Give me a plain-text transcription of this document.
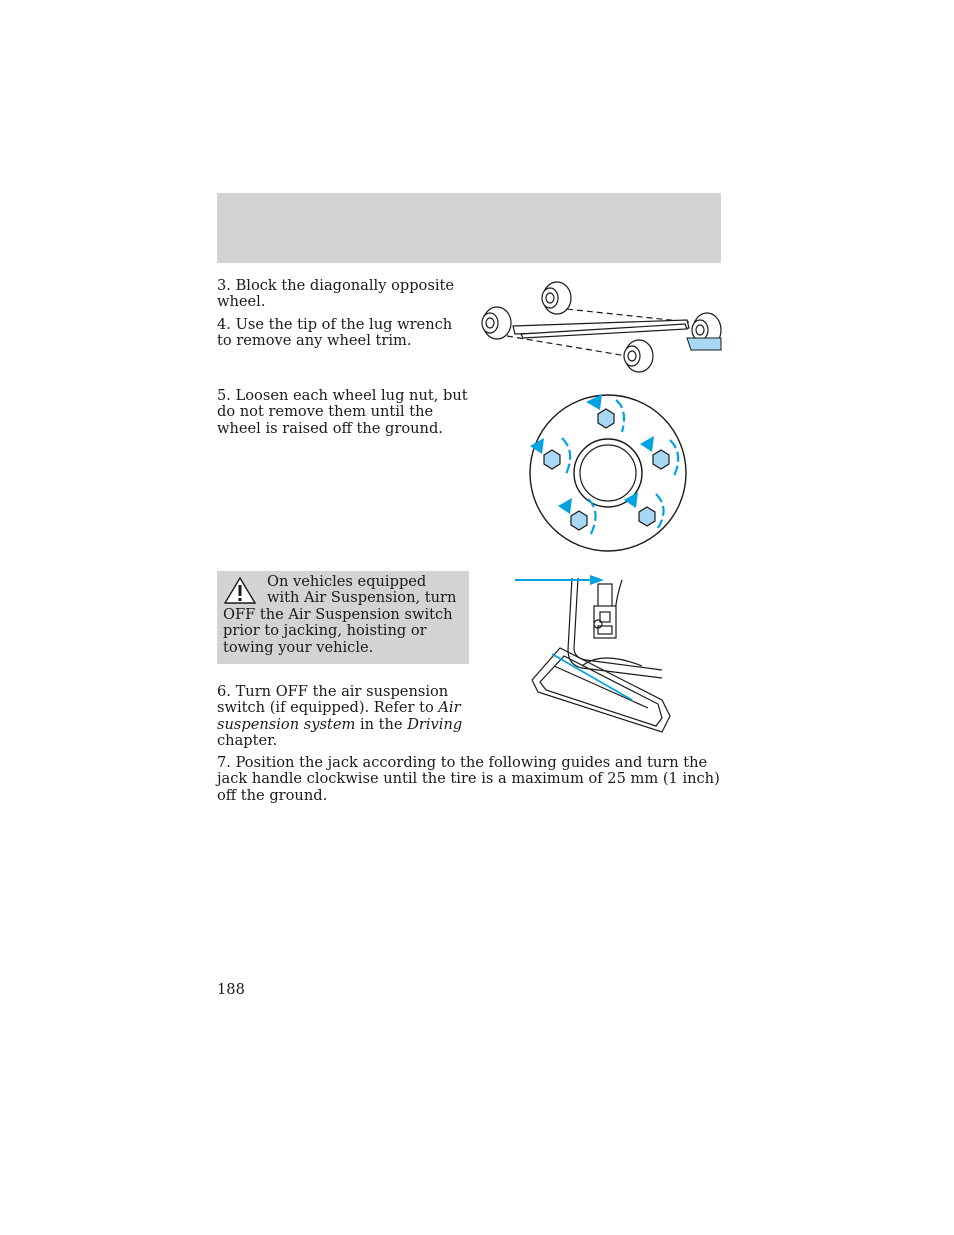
3. Block the diagonally opposite wheel.

4. Use the tip of the lug wrench to remove any wheel trim.

5. Loosen each wheel lug nut, but do not remove them until the wheel is raised off the ground.

On vehicles equipped with Air Suspension, turn OFF the Air Suspension switch prior to jacking, hoisting or towing your vehicle.

6. Turn OFF the air suspension switch (if equipped). Refer to Air suspension system in the Driving chapter.

7. Position the jack according to the following guides and turn the jack handle clockwise until the tire is a maximum of 25 mm (1 inch) off the ground.

188
